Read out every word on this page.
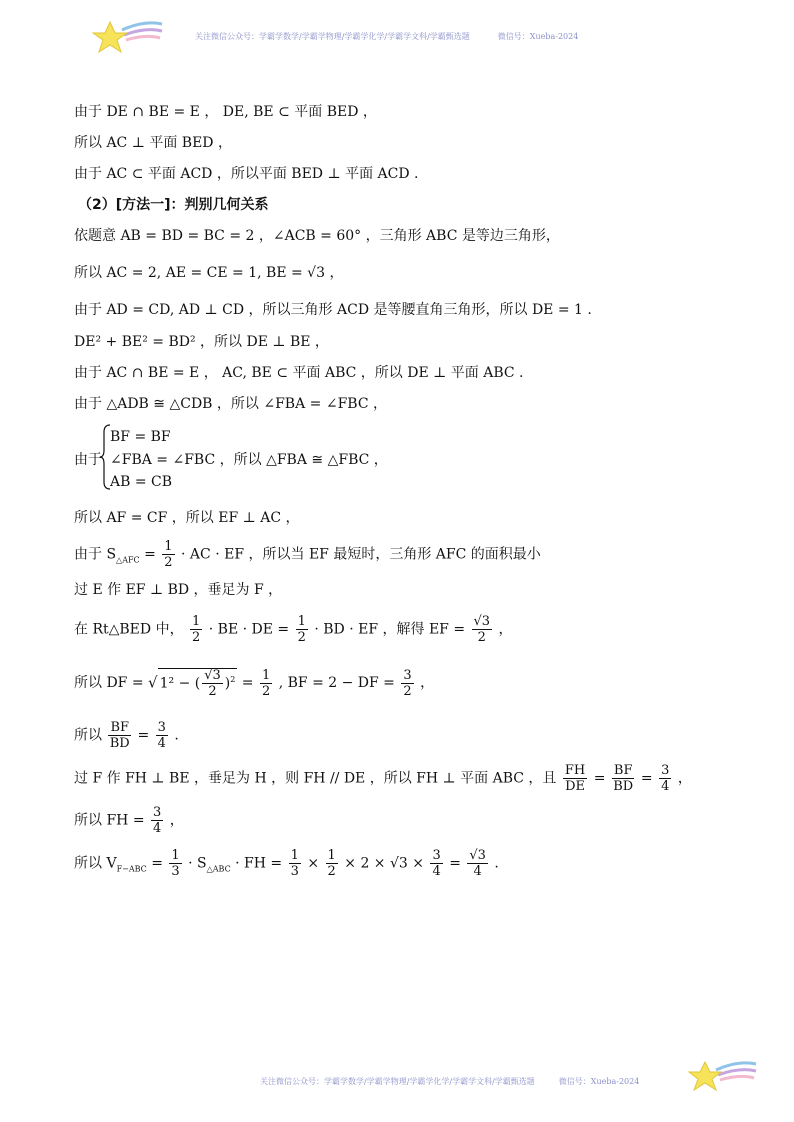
关注微信公众号：学霸学数学/学霸学物理/学霸学化学/学霸学文科/学霸甄选题	微信号：Xueba-2024
由于 DE ∩ BE = E ， DE, BE ⊂ 平面 BED ，
所以 AC ⊥ 平面 BED ，
由于 AC ⊂ 平面 ACD ，所以平面 BED ⊥ 平面 ACD .
（2）[方法一]：判别几何关系
依题意 AB = BD = BC = 2 ，∠ACB = 60° ，三角形 ABC 是等边三角形，
所以 AC = 2, AE = CE = 1, BE = √3 ，
由于 AD = CD, AD ⊥ CD ，所以三角形 ACD 是等腰直角三角形，所以 DE = 1 .
DE² + BE² = BD² ，所以 DE ⊥ BE ，
由于 AC ∩ BE = E ， AC, BE ⊂ 平面 ABC ，所以 DE ⊥ 平面 ABC .
由于 △ADB ≅ △CDB ，所以 ∠FBA = ∠FBC ，
由于
BF = BF
∠FBA = ∠FBC ，所以 △FBA ≅ △FBC ，
AB = CB
所以 AF = CF ，所以 EF ⊥ AC ，
由于 $S_{\triangle AFC} = \frac{1}{2}$ · AC · EF ，所以当 EF 最短时，三角形 AFC 的面积最小
过 E 作 EF ⊥ BD ，垂足为 F ，
在 Rt△BED 中， $\frac{1}{2}$ · BE · DE = $\frac{1}{2}$ · BD · EF ，解得 EF = $\frac{√3}{2}$ ，
所以 DF = √ 1² − ( $\frac{√3}{2} )^2 = \frac{1}{2}$ , BF = 2 − DF = $\frac{3}{2}$ ，
所以 $\frac{BF}{BD} = \frac{3}{4}$ .
过 F 作 FH ⊥ BE ，垂足为 H ，则 FH // DE ，所以 FH ⊥ 平面 ABC ，且 $\frac{FH}{DE} = \frac{BF}{BD} = \frac{3}{4}$ ，
所以 FH = $\frac{3}{4}$ ，
所以 $V_{F-ABC} = \frac{1}{3} \cdot S_{\triangle ABC}$ · FH = $\frac{1}{3} \times \frac{1}{2} \times 2 \times √3 \times \frac{3}{4} = \frac{√3}{4}$ .
关注微信公众号：学霸学数学/学霸学物理/学霸学化学/学霸学文科/学霸甄选题	微信号：Xueba-2024
